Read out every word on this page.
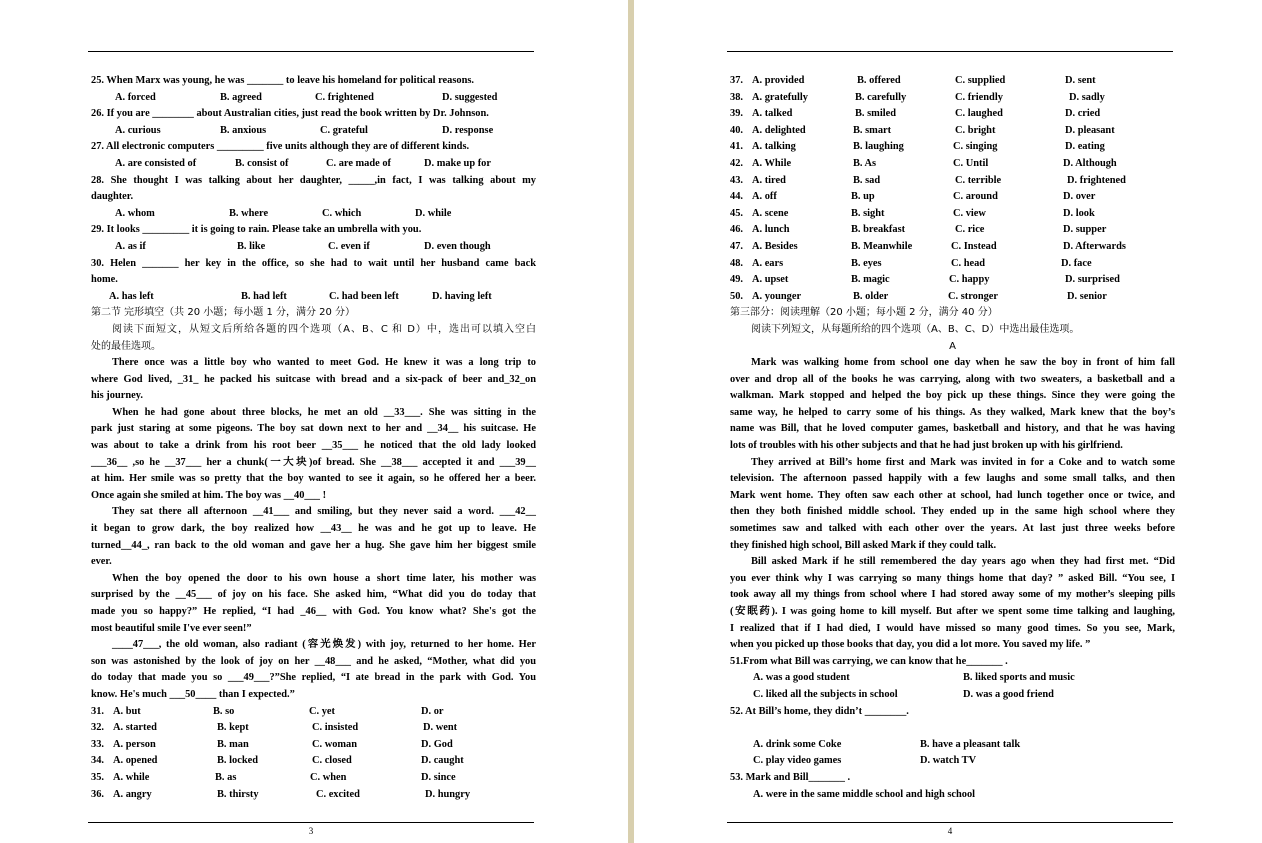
25. When Marx was young, he was _______ to leave his homeland for political reasons.
A. forced	B. agreed	C. frightened	D. suggested
26. If you are ________ about Australian cities, just read the book written by Dr. Johnson.
A. curious	B. anxious	C. grateful	D. response
27. All electronic computers _________ five units although they are of different kinds.
A. are consisted of	B. consist of	C. are made of	D. make up for
28. She thought I was talking about her daughter, _____,in fact, I was talking about my
daughter.
A. whom	B. where	C. which	D. while
29. It looks _________ it is going to rain. Please take an umbrella with you.
A. as if	B. like	C. even if	D. even though
30. Helen _______ her key in the office, so she had to wait until her husband came back
home.
A. has left	B. had left	C. had been left	D. having left
第二节 完形填空（共 20 小题；每小题 1 分，满分 20 分）
阅读下面短文，从短文后所给各题的四个选项（A、B、C 和 D）中，选出可以填入空白
处的最佳选项。
There once was a little boy who wanted to meet God. He knew it was a long trip to
where God lived, _31_ he packed his suitcase with bread and a six-pack of beer and_32_on
his journey.
When he had gone about three blocks, he met an old __33___. She was sitting in the
park just staring at some pigeons. The boy sat down next to her and __34__ his suitcase. He
was about to take a drink from his root beer __35___ he noticed that the old lady looked
___36__ ,so he __37___ her a chunk(一大块)of bread. She __38___ accepted it and ___39__
at him. Her smile was so pretty that the boy wanted to see it again, so he offered her a beer.
Once again she smiled at him. The boy was __40___ !
They sat there all afternoon __41___ and smiling, but they never said a word. ___42__
it began to grow dark, the boy realized how __43__ he was and he got up to leave. He
turned__44_, ran back to the old woman and gave her a hug. She gave him her biggest smile
ever.
When the boy opened the door to his own house a short time later, his mother was
surprised by the __45___ of joy on his face. She asked him, “What did you do today that
made you so happy?” He replied, “I had _46__ with God. You know what? She's got the
most beautiful smile I've ever seen!”
____47___, the old woman, also radiant (容光焕发) with joy, returned to her home. Her
son was astonished by the look of joy on her __48___ and he asked, “Mother, what did you
do today that made you so ___49___?”She replied, “I ate bread in the park with God. You
know. He's much ___50____ than I expected.”
31. A. but	B. so	C. yet	D. or
32. A. started	B. kept	C. insisted	D. went
33. A. person	B. man	C. woman	D. God
34. A. opened	B. locked	C. closed	D. caught
35. A. while	B. as	C. when	D. since
36. A. angry	B. thirsty	C. excited	D. hungry
3
37. A. provided	B. offered	C. supplied	D. sent
38. A. gratefully	B. carefully	C. friendly	D. sadly
39. A. talked	B. smiled	C. laughed	D. cried
40. A. delighted	B. smart	C. bright	D. pleasant
41. A. talking	B. laughing	C. singing	D. eating
42. A. While	B. As	C. Until	D. Although
43. A. tired	B. sad	C. terrible	D. frightened
44. A. off	B. up	C. around	D. over
45. A. scene	B. sight	C. view	D. look
46. A. lunch	B. breakfast	C. rice	D. supper
47. A. Besides	B. Meanwhile	C. Instead	D. Afterwards
48. A. ears	B. eyes	C. head	D. face
49. A. upset	B. magic	C. happy	D. surprised
50. A. younger	B. older	C. stronger	D. senior
第三部分：阅读理解（20 小题；每小题 2 分，满分 40 分）
阅读下列短文，从每题所给的四个选项（A、B、C、D）中选出最佳选项。
A
Mark was walking home from school one day when he saw the boy in front of him fall
over and drop all of the books he was carrying, along with two sweaters, a basketball and a
walkman. Mark stopped and helped the boy pick up these things. Since they were going the
same way, he helped to carry some of his things. As they walked, Mark knew that the boy’s
name was Bill, that he loved computer games, basketball and history, and that he was having
lots of troubles with his other subjects and that he had just broken up with his girlfriend.
They arrived at Bill’s home first and Mark was invited in for a Coke and to watch some
television. The afternoon passed happily with a few laughs and some small talks, and then
Mark went home. They often saw each other at school, had lunch together once or twice, and
then they both finished middle school. They ended up in the same high school where they
sometimes saw and talked with each other over the years. At last just three weeks before
they finished high school, Bill asked Mark if they could talk.
Bill asked Mark if he still remembered the day years ago when they had first met. “Did
you ever think why I was carrying so many things home that day? ” asked Bill. “You see, I
took away all my things from school where I had stored away some of my mother’s sleeping pills
(安眠药). I was going home to kill myself. But after we spent some time talking and laughing,
I realized that if I had died, I would have missed so many good times. So you see, Mark,
when you picked up those books that day, you did a lot more. You saved my life. ”
51.From what Bill was carrying, we can know that he_______ .
A. was a good student	B. liked sports and music
C. liked all the subjects in school	D. was a good friend
52. At Bill’s home, they didn’t ________.
A. drink some Coke	B. have a pleasant talk
C. play video games	D. watch TV
53. Mark and Bill_______ .
A. were in the same middle school and high school
4
